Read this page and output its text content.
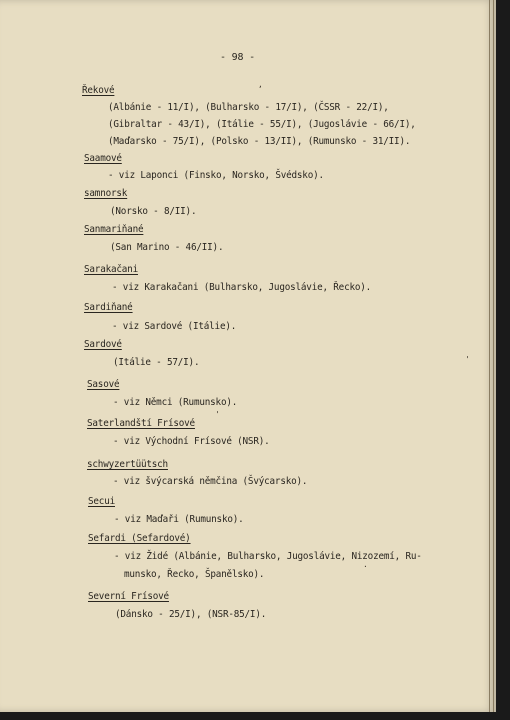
- 98 -
Řekové
(Albánie - 11/I), (Bulharsko - 17/I), (ČSSR - 22/I),
(Gibraltar - 43/I), (Itálie - 55/I), (Jugoslávie - 66/I),
(Maďarsko - 75/I), (Polsko - 13/II), (Rumunsko - 31/II).
Saamové
- viz Laponci (Finsko, Norsko, Švédsko).
samnorsk
(Norsko - 8/II).
Sanmariňané
(San Marino - 46/II).
Sarakačani
- viz Karakačani (Bulharsko, Jugoslávie, Řecko).
Sardiňané
- viz Sardové (Itálie).
Sardové
(Itálie - 57/I).
Sasové
- viz Němci (Rumunsko).
Saterlandští Frísové
- viz Východní Frísové (NSR).
schwyzertüütsch
- viz švýcarská němčina (Švýcarsko).
Secui
- viz Maďaři (Rumunsko).
Sefardi (Sefardové)
- viz Židé (Albánie, Bulharsko, Jugoslávie, Nizozemí, Ru-
munsko, Řecko, Španělsko).
Severní Frísové
(Dánsko - 25/I), (NSR-85/I).
,
'
·
'
